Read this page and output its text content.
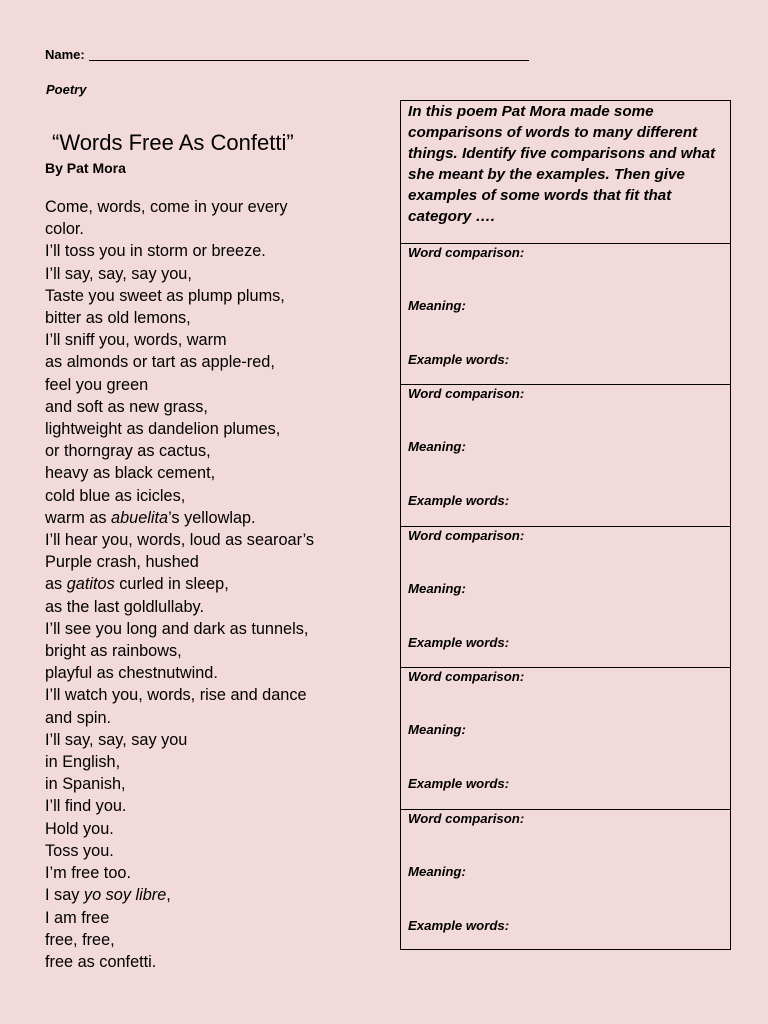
Name:
Poetry
“Words Free As Confetti”
By Pat Mora
Come, words, come in your every
color.
I’ll toss you in storm or breeze.
I’ll say, say, say you,
Taste you sweet as plump plums,
bitter as old lemons,
I’ll sniff you, words, warm
as almonds or tart as apple-red,
feel you green
and soft as new grass,
lightweight as dandelion plumes,
or thorngray as cactus,
heavy as black cement,
cold blue as icicles,
warm as abuelita’s yellowlap.
I’ll hear you, words, loud as searoar’s
Purple crash, hushed
as gatitos curled in sleep,
as the last goldlullaby.
I’ll see you long and dark as tunnels,
bright as rainbows,
playful as chestnutwind.
I’ll watch you, words, rise and dance
and spin.
I’ll say, say, say you
in English,
in Spanish,
I’ll find you.
Hold you.
Toss you.
I’m free too.
I say yo soy libre,
I am free
free, free,
free as confetti.
In this poem Pat Mora made some comparisons of words to many different things. Identify five comparisons and what she meant by the examples. Then give examples of some words that fit that category ….
Word comparison:
Meaning:
Example words:
Word comparison:
Meaning:
Example words:
Word comparison:
Meaning:
Example words:
Word comparison:
Meaning:
Example words:
Word comparison:
Meaning:
Example words:
